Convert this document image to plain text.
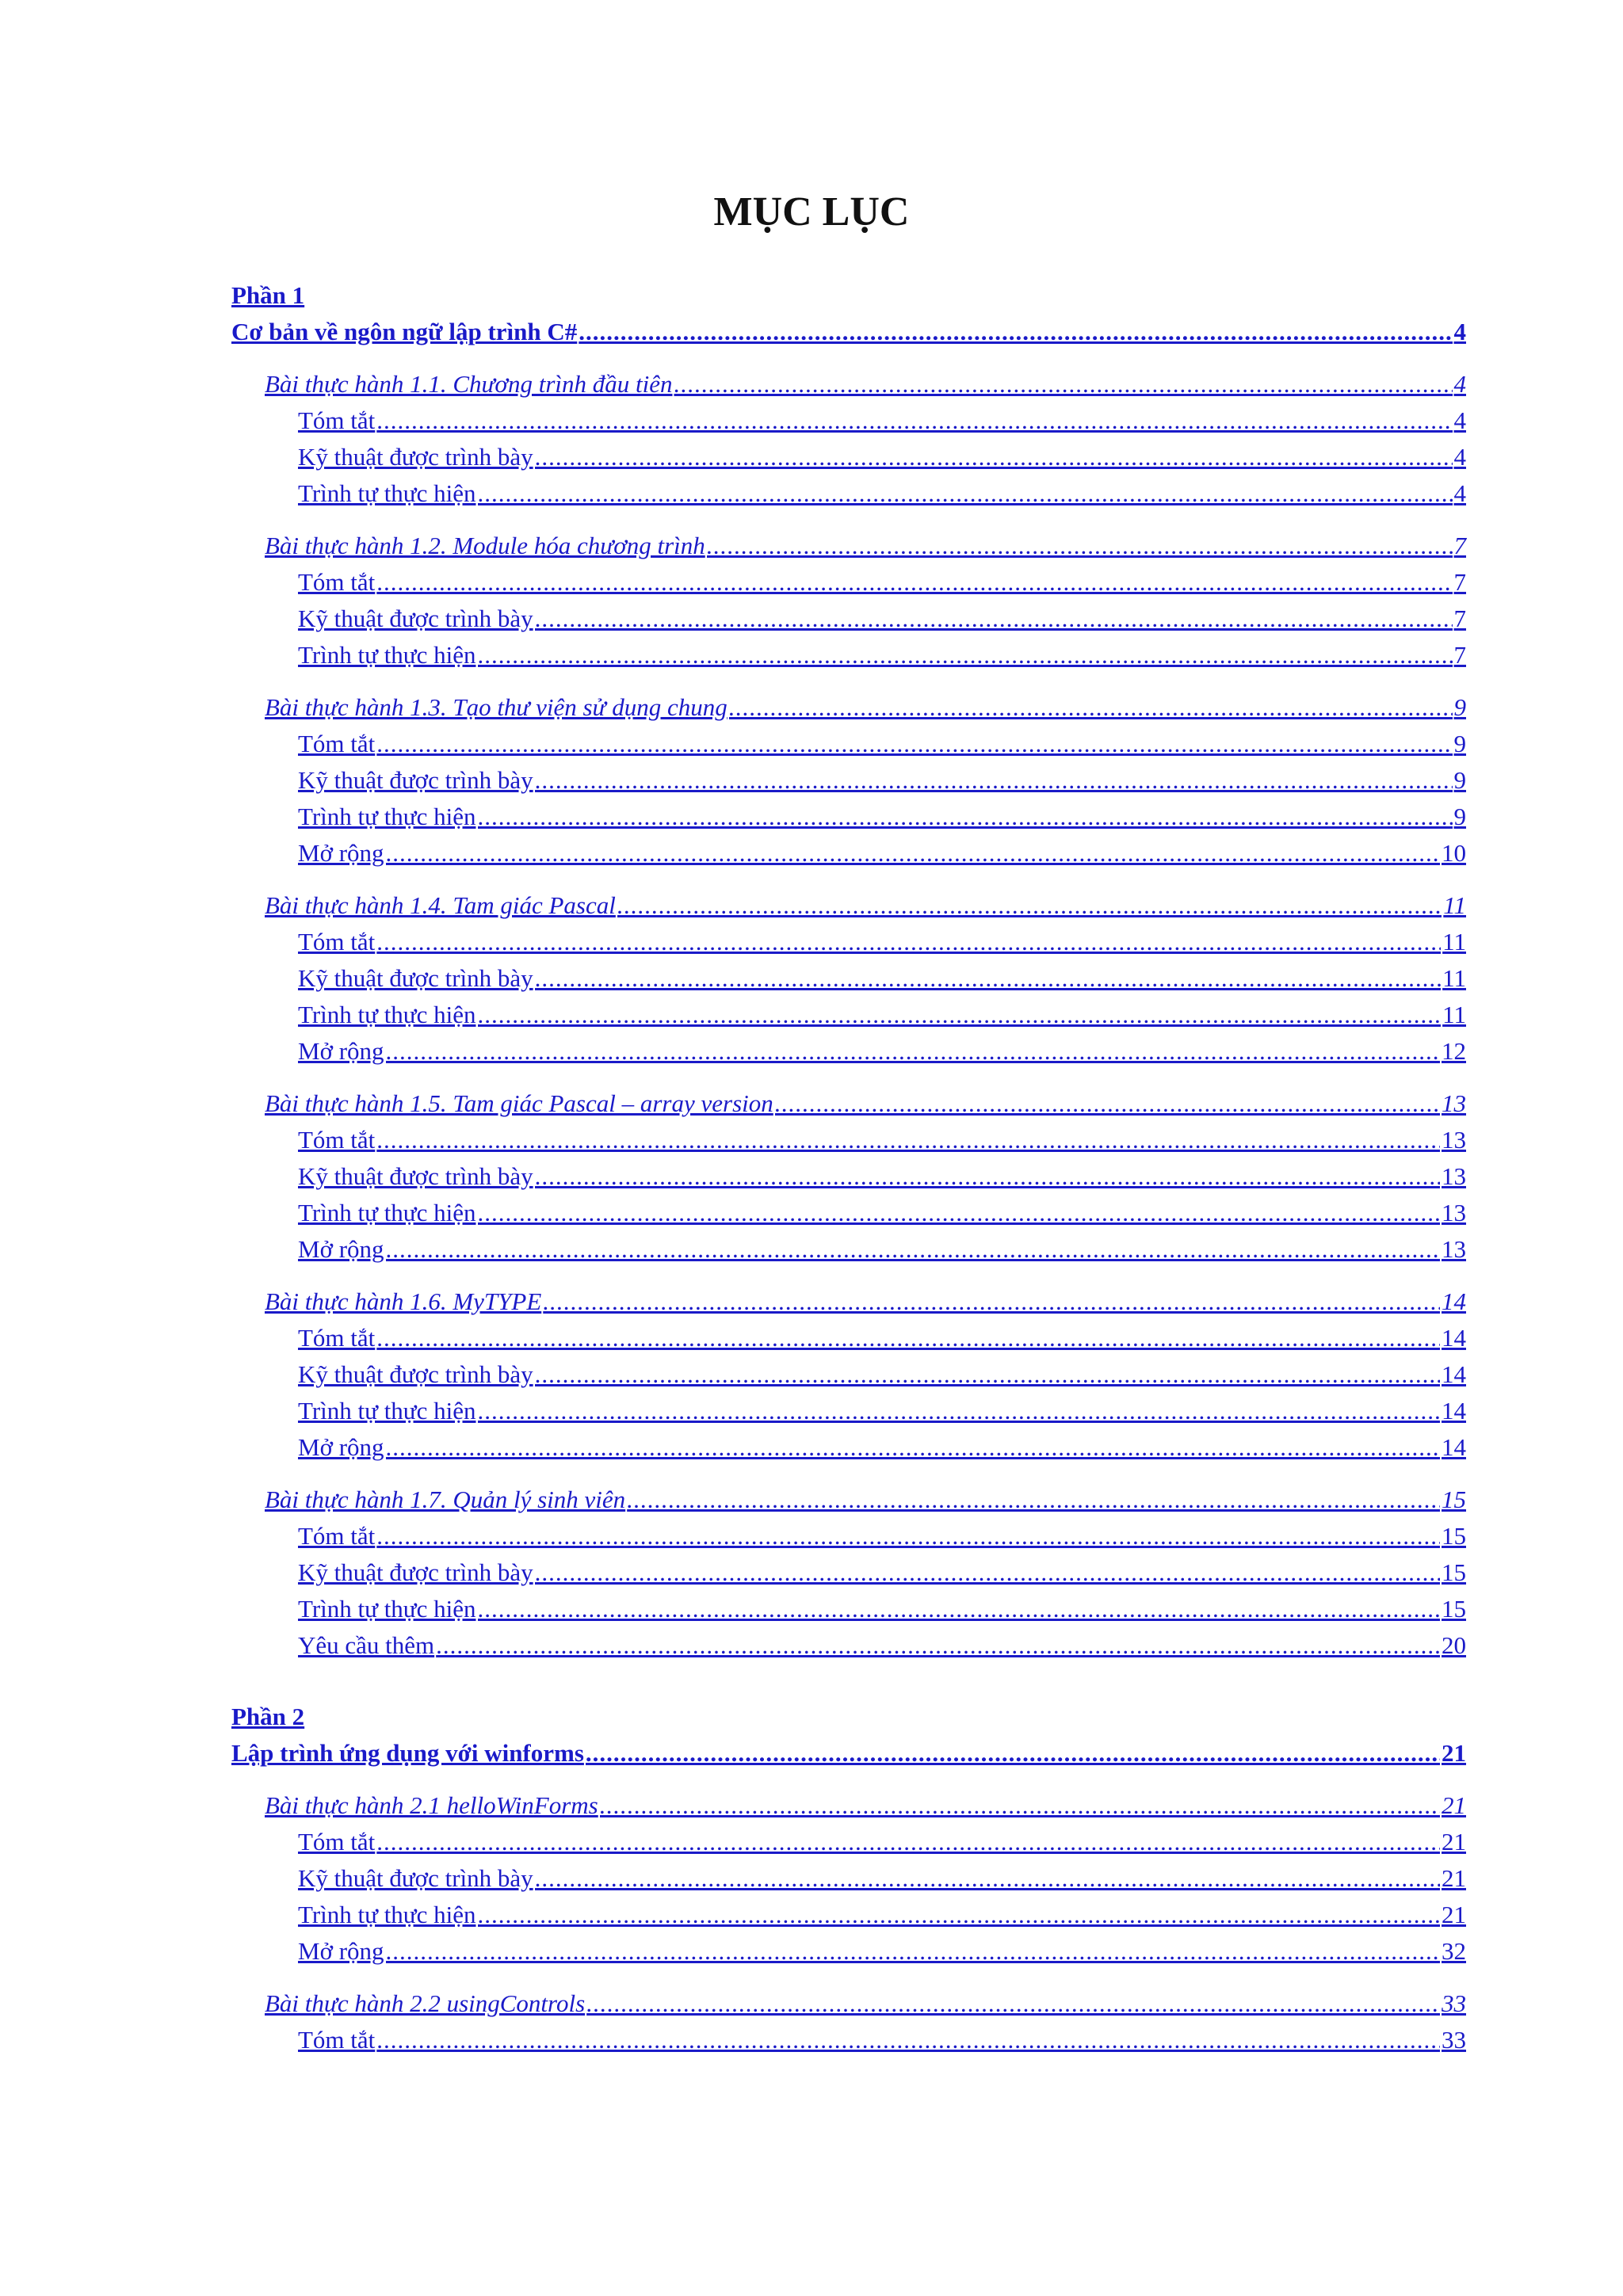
MỤC LỤC
Phần 1
Cơ bản về ngôn ngữ lập trình C# .....	4
Bài thực hành 1.1. Chương trình đầu tiên .....	4
Tóm tắt .....	4
Kỹ thuật được trình bày .....	4
Trình tự thực hiện .....	4
Bài thực hành 1.2. Module hóa chương trình .....	7
Tóm tắt .....	7
Kỹ thuật được trình bày .....	7
Trình tự thực hiện .....	7
Bài thực hành 1.3. Tạo thư viện sử dụng chung .....	9
Tóm tắt .....	9
Kỹ thuật được trình bày .....	9
Trình tự thực hiện .....	9
Mở rộng .....	10
Bài thực hành 1.4. Tam giác Pascal .....	11
Tóm tắt .....	11
Kỹ thuật được trình bày .....	11
Trình tự thực hiện .....	11
Mở rộng .....	12
Bài thực hành 1.5. Tam giác Pascal – array version .....	13
Tóm tắt .....	13
Kỹ thuật được trình bày .....	13
Trình tự thực hiện .....	13
Mở rộng .....	13
Bài thực hành 1.6. MyTYPE .....	14
Tóm tắt .....	14
Kỹ thuật được trình bày .....	14
Trình tự thực hiện .....	14
Mở rộng .....	14
Bài thực hành 1.7. Quản lý sinh viên .....	15
Tóm tắt .....	15
Kỹ thuật được trình bày .....	15
Trình tự thực hiện .....	15
Yêu cầu thêm .....	20
Phần 2
Lập trình ứng dụng với winforms .....	21
Bài thực hành 2.1 helloWinForms .....	21
Tóm tắt .....	21
Kỹ thuật được trình bày .....	21
Trình tự thực hiện .....	21
Mở rộng .....	32
Bài thực hành 2.2 usingControls .....	33
Tóm tắt .....	33
